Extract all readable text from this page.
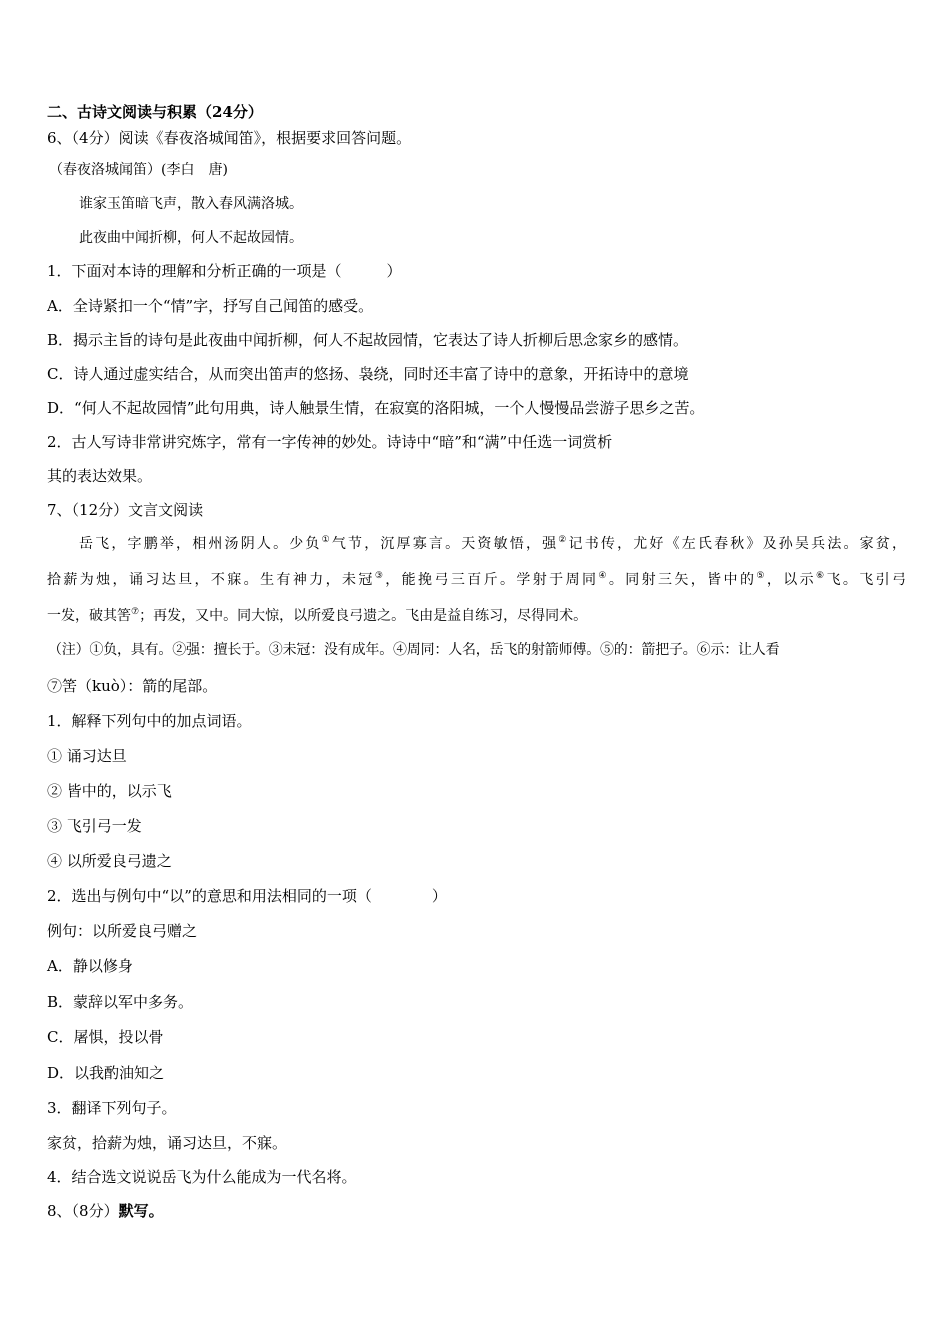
二、古诗文阅读与积累（24分）
6、（4分）阅读《春夜洛城闻笛》，根据要求回答问题。
（春夜洛城闻笛）(李白　唐)
谁家玉笛暗飞声，散入春风满洛城。
此夜曲中闻折柳，何人不起故园情。
1．下面对本诗的理解和分析正确的一项是（　　　）
A．全诗紧扣一个“情”字，抒写自己闻笛的感受。
B．揭示主旨的诗句是此夜曲中闻折柳，何人不起故园情，它表达了诗人折柳后思念家乡的感情。
C．诗人通过虚实结合，从而突出笛声的悠扬、袅绕，同时还丰富了诗中的意象，开拓诗中的意境
D．“何人不起故园情”此句用典，诗人触景生情，在寂寞的洛阳城，一个人慢慢品尝游子思乡之苦。
2．古人写诗非常讲究炼字，常有一字传神的妙处。诗诗中“暗”和“满”中任选一词赏析
其的表达效果。
7、（12分）文言文阅读
岳飞，字鹏举，相州汤阴人。少负①气节，沉厚寡言。天资敏悟，强②记书传，尤好《左氏春秋》及孙吴兵法。家贫，
拾薪为烛，诵习达旦，不寐。生有神力，未冠③，能挽弓三百斤。学射于周同④。同射三矢，皆中的⑤，以示⑥飞。飞引弓
一发，破其筈⑦；再发，又中。同大惊，以所爱良弓遗之。飞由是益自练习，尽得同术。
（注）①负，具有。②强：擅长于。③未冠：没有成年。④周同：人名，岳飞的射箭师傅。⑤的：箭把子。⑥示：让人看
⑦筈（kuò）：箭的尾部。
1．解释下列句中的加点词语。
① 诵习达旦
② 皆中的，以示飞
③ 飞引弓一发
④ 以所爱良弓遗之
2．选出与例句中“以”的意思和用法相同的一项（　　　　）
例句：以所爱良弓赠之
A．静以修身
B．蒙辞以军中多务。
C．屠惧，投以骨
D．以我酌油知之
3．翻译下列句子。
家贫，拾薪为烛，诵习达旦，不寐。
4．结合选文说说岳飞为什么能成为一代名将。
8、（8分）默写。
